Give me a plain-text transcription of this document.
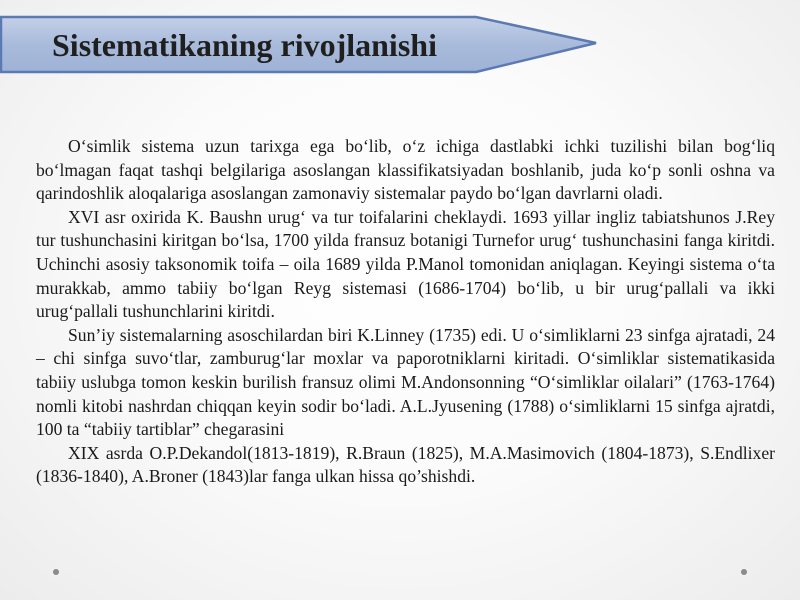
Sistematikaning rivojlanishi

O‘simlik sistema uzun tarixga ega bo‘lib, o‘z ichiga dastlabki ichki tuzilishi bilan bog‘liq bo‘lmagan faqat tashqi belgilariga asoslangan klassifikatsiyadan boshlanib, juda ko‘p sonli oshna va qarindoshlik aloqalariga asoslangan zamonaviy sistemalar paydo bo‘lgan davrlarni oladi.

XVI asr oxirida K. Baushn urug‘ va tur toifalarini cheklaydi. 1693 yillar ingliz tabiatshunos J.Rey tur tushunchasini kiritgan bo‘lsa, 1700 yilda fransuz botanigi Turnefor urug‘ tushunchasini fanga kiritdi. Uchinchi asosiy taksonomik toifa – oila 1689 yilda P.Manol tomonidan aniqlagan. Keyingi sistema o‘ta murakkab, ammo tabiiy bo‘lgan Reyg sistemasi (1686-1704) bo‘lib, u bir urug‘pallali va ikki urug‘pallali tushunchlarini kiritdi.

Sun’iy sistemalarning asoschilardan biri K.Linney (1735) edi. U o‘simliklarni 23 sinfga ajratadi, 24 – chi sinfga suvo‘tlar, zamburug‘lar moxlar va paporotniklarni kiritadi. O‘simliklar sistematikasida tabiiy uslubga tomon keskin burilish fransuz olimi M.Andonsonning “O‘simliklar oilalari” (1763-1764) nomli kitobi nashrdan chiqqan keyin sodir bo‘ladi. A.L.Jyusening (1788) o‘simliklarni 15 sinfga ajratdi, 100 ta “tabiiy tartiblar” chegarasini

XIX asrda O.P.Dekandol(1813-1819), R.Braun (1825), M.A.Masimovich (1804-1873), S.Endlixer (1836-1840), A.Broner (1843)lar fanga ulkan hissa qo’shishdi.
